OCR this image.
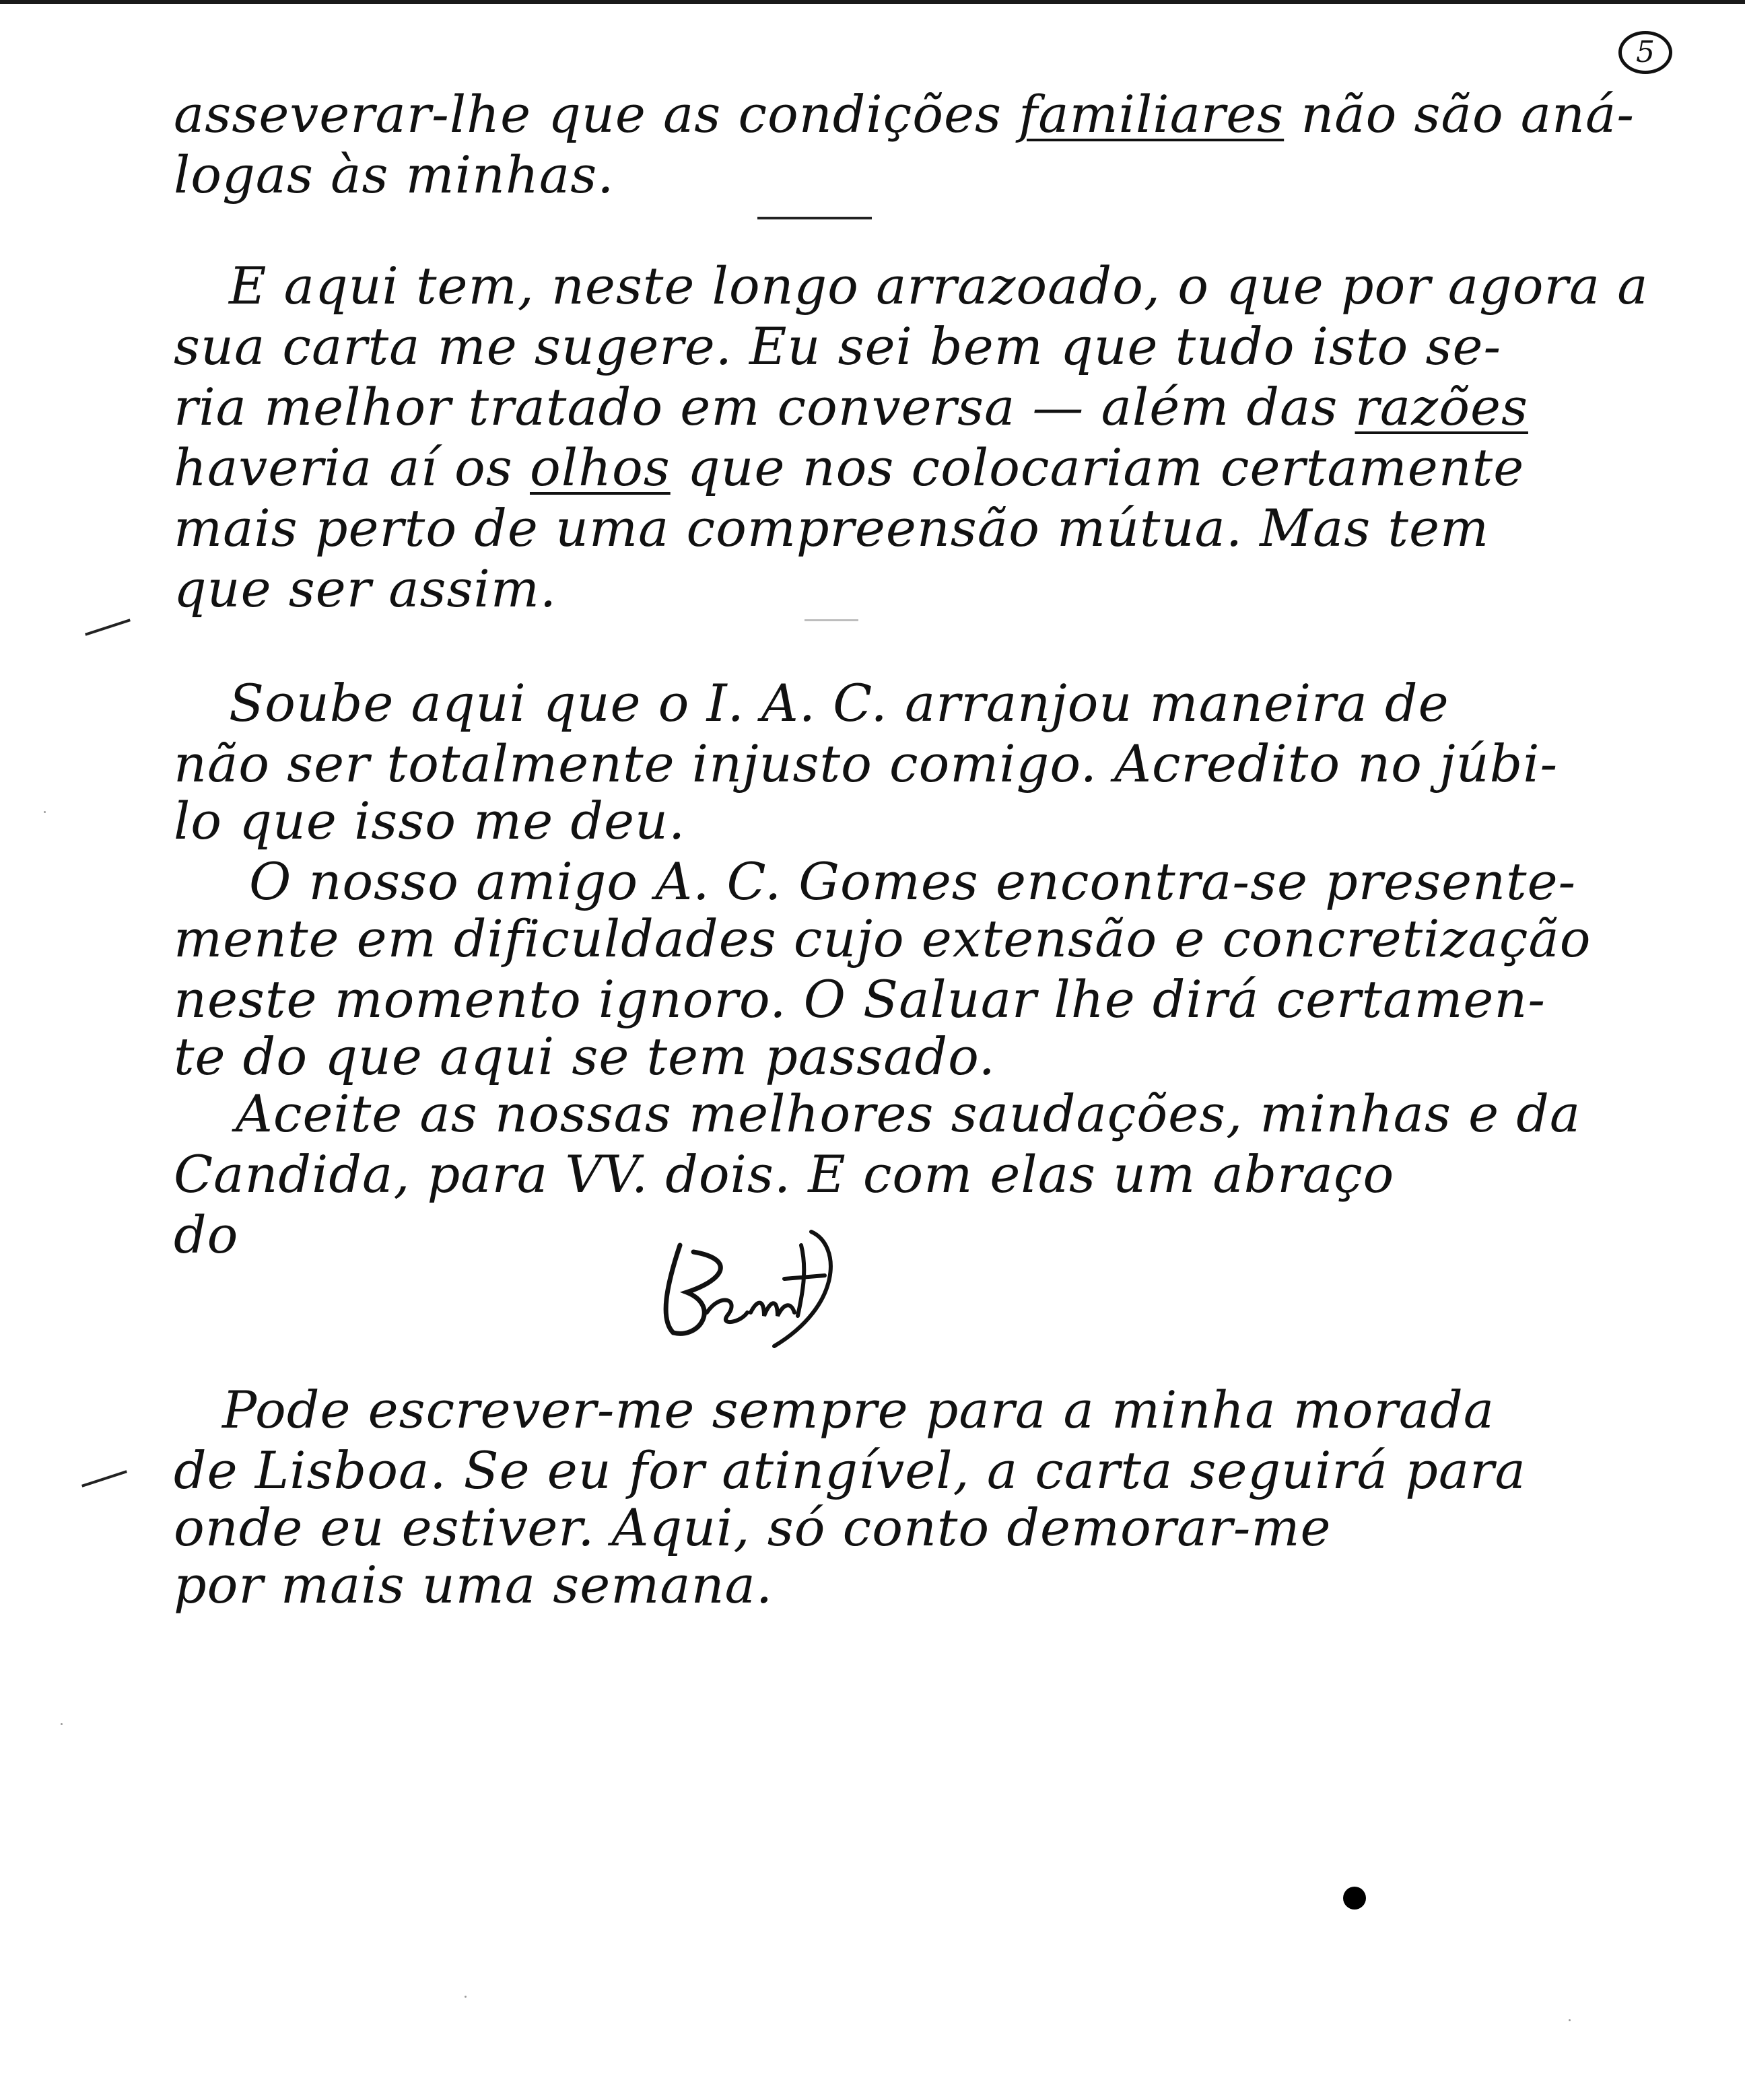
5
asseverar-lhe que as condições familiares não são aná-
logas às minhas.
E aqui tem, neste longo arrazoado, o que por agora a
sua carta me sugere. Eu sei bem que tudo isto se-
ria melhor tratado em conversa — além das razões
haveria aí os olhos que nos colocariam certamente
mais perto de uma compreensão mútua. Mas tem
que ser assim.
Soube aqui que o I. A. C. arranjou maneira de
não ser totalmente injusto comigo. Acredito no júbi-
lo que isso me deu.
O nosso amigo A. C. Gomes encontra-se presente-
mente em dificuldades cujo extensão e concretização
neste momento ignoro. O Saluar lhe dirá certamen-
te do que aqui se tem passado.
Aceite as nossas melhores saudações, minhas e da
Candida, para VV. dois. E com elas um abraço
do
Pode escrever-me sempre para a minha morada
de Lisboa. Se eu for atingível, a carta seguirá para
onde eu estiver. Aqui, só conto demorar-me
por mais uma semana.
